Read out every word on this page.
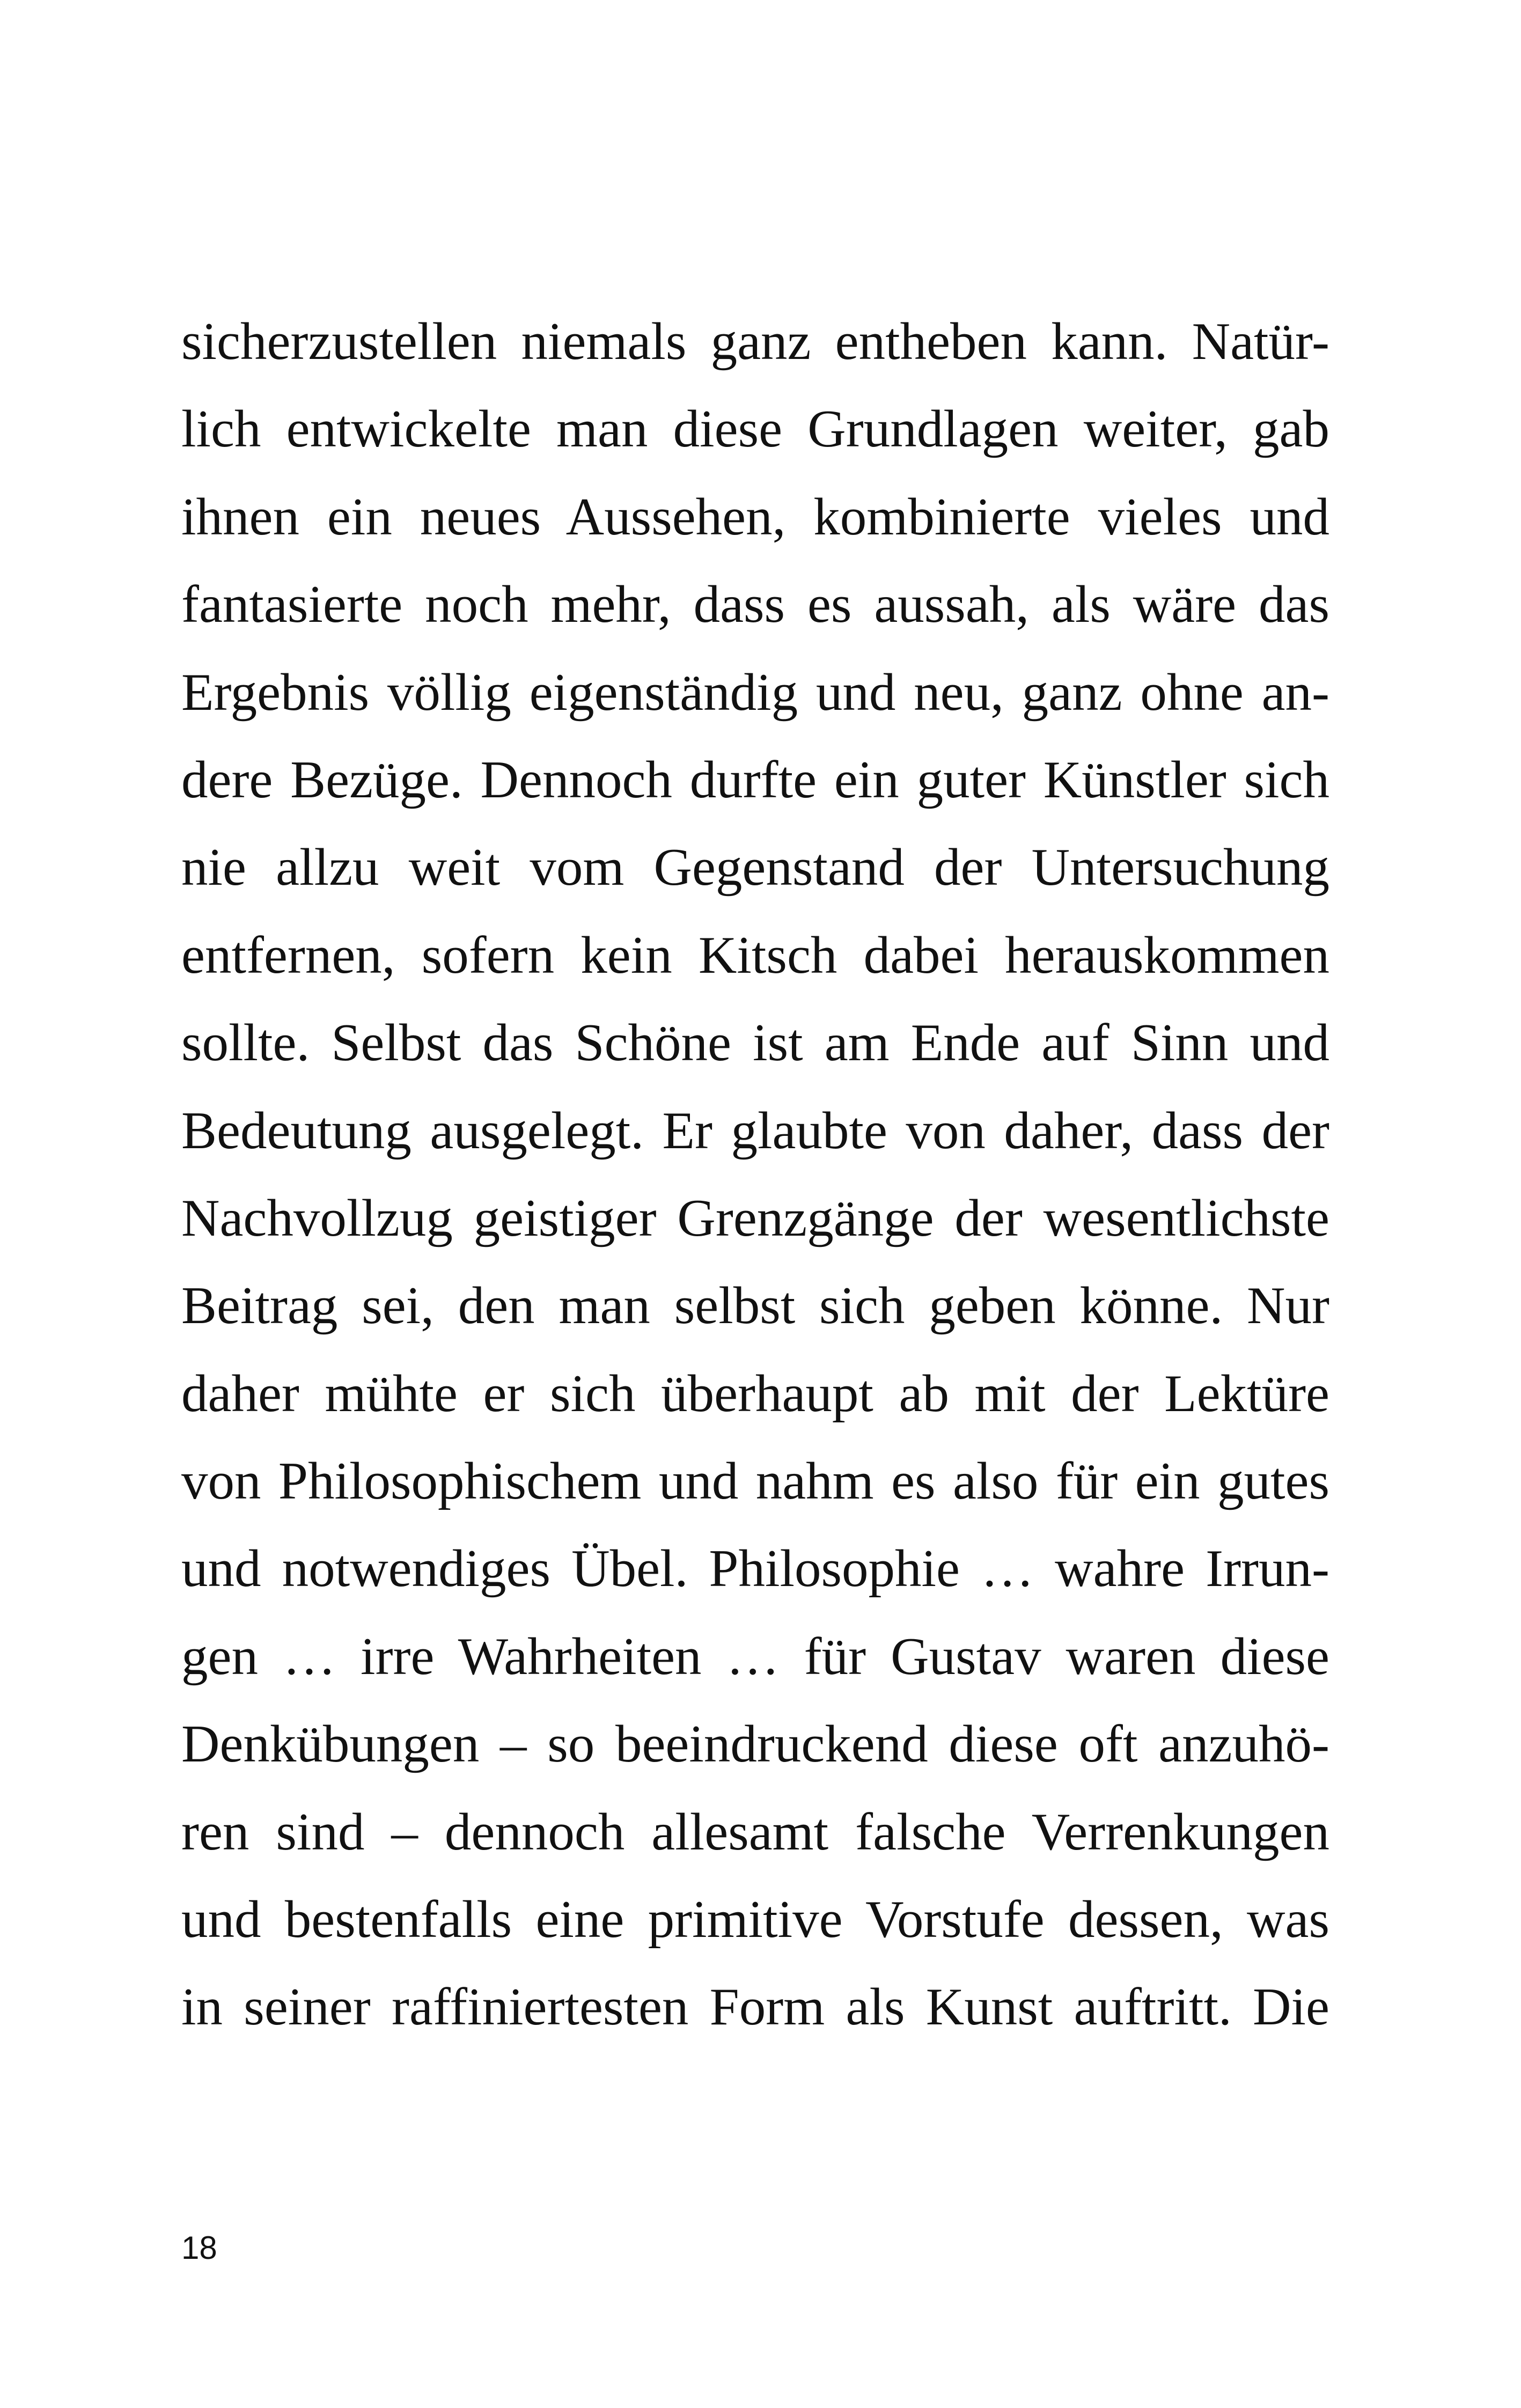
sicherzustellen niemals ganz entheben kann. Natür-
lich entwickelte man diese Grundlagen weiter, gab
ihnen ein neues Aussehen, kombinierte vieles und
fantasierte noch mehr, dass es aussah, als wäre das
Ergebnis völlig eigenständig und neu, ganz ohne an-
dere Bezüge. Dennoch durfte ein guter Künstler sich
nie allzu weit vom Gegenstand der Untersuchung
entfernen, sofern kein Kitsch dabei herauskommen
sollte. Selbst das Schöne ist am Ende auf Sinn und
Bedeutung ausgelegt. Er glaubte von daher, dass der
Nachvollzug geistiger Grenzgänge der wesentlichste
Beitrag sei, den man selbst sich geben könne. Nur
daher mühte er sich überhaupt ab mit der Lektüre
von Philosophischem und nahm es also für ein gutes
und notwendiges Übel. Philosophie … wahre Irrun-
gen … irre Wahrheiten … für Gustav waren diese
Denkübungen – so beeindruckend diese oft anzuhö-
ren sind – dennoch allesamt falsche Verrenkungen
und bestenfalls eine primitive Vorstufe dessen, was
in seiner raffiniertesten Form als Kunst auftritt. Die
18
